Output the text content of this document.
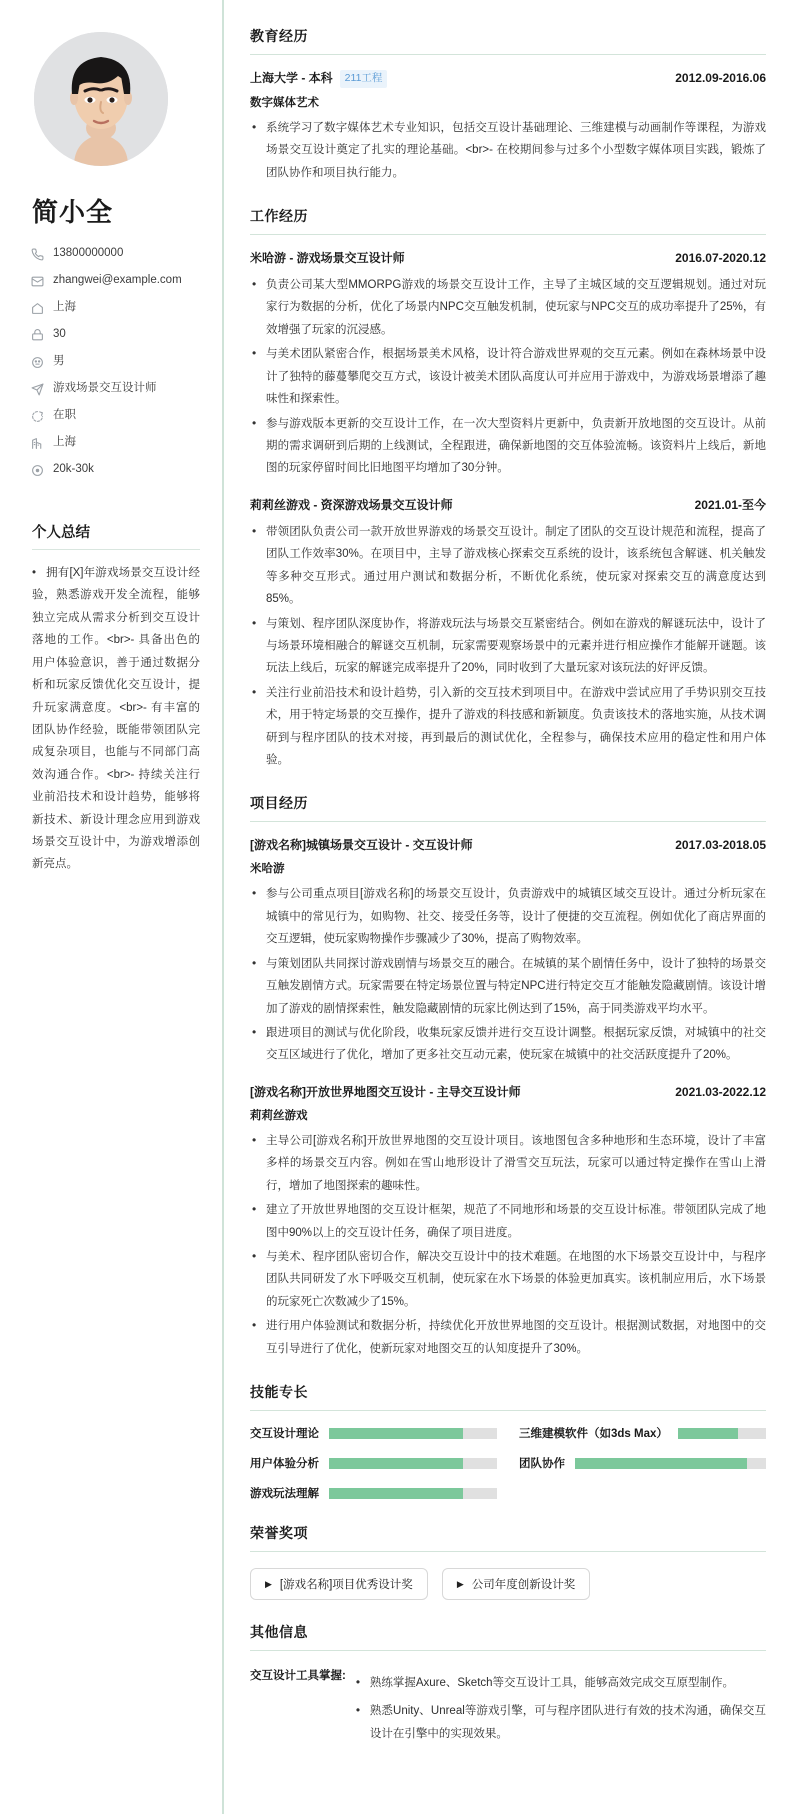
简小全
13800000000
zhangwei@example.com
上海
30
男
游戏场景交互设计师
在职
上海
20k-30k
个人总结
• 拥有[X]年游戏场景交互设计经验，熟悉游戏开发全流程，能够独立完成从需求分析到交互设计落地的工作。<br>- 具备出色的用户体验意识，善于通过数据分析和玩家反馈优化交互设计，提升玩家满意度。<br>- 有丰富的团队协作经验，既能带领团队完成复杂项目，也能与不同部门高效沟通合作。<br>- 持续关注行业前沿技术和设计趋势，能够将新技术、新设计理念应用到游戏场景交互设计中，为游戏增添创新亮点。
教育经历
上海大学 - 本科 211工程	2012.09-2016.06
数字媒体艺术
• 系统学习了数字媒体艺术专业知识，包括交互设计基础理论、三维建模与动画制作等课程，为游戏场景交互设计奠定了扎实的理论基础。<br>- 在校期间参与过多个小型数字媒体项目实践，锻炼了团队协作和项目执行能力。
工作经历
米哈游 - 游戏场景交互设计师	2016.07-2020.12
• 负责公司某大型MMORPG游戏的场景交互设计工作，主导了主城区域的交互逻辑规划。通过对玩家行为数据的分析，优化了场景内NPC交互触发机制，使玩家与NPC交互的成功率提升了25%，有效增强了玩家的沉浸感。
• 与美术团队紧密合作，根据场景美术风格，设计符合游戏世界观的交互元素。例如在森林场景中设计了独特的藤蔓攀爬交互方式，该设计被美术团队高度认可并应用于游戏中，为游戏场景增添了趣味性和探索性。
• 参与游戏版本更新的交互设计工作，在一次大型资料片更新中，负责新开放地图的交互设计。从前期的需求调研到后期的上线测试，全程跟进，确保新地图的交互体验流畅。该资料片上线后，新地图的玩家停留时间比旧地图平均增加了30分钟。
莉莉丝游戏 - 资深游戏场景交互设计师	2021.01-至今
• 带领团队负责公司一款开放世界游戏的场景交互设计。制定了团队的交互设计规范和流程，提高了团队工作效率30%。在项目中，主导了游戏核心探索交互系统的设计，该系统包含解谜、机关触发等多种交互形式。通过用户测试和数据分析，不断优化系统，使玩家对探索交互的满意度达到85%。
• 与策划、程序团队深度协作，将游戏玩法与场景交互紧密结合。例如在游戏的解谜玩法中，设计了与场景环境相融合的解谜交互机制，玩家需要观察场景中的元素并进行相应操作才能解开谜题。该玩法上线后，玩家的解谜完成率提升了20%，同时收到了大量玩家对该玩法的好评反馈。
• 关注行业前沿技术和设计趋势，引入新的交互技术到项目中。在游戏中尝试应用了手势识别交互技术，用于特定场景的交互操作，提升了游戏的科技感和新颖度。负责该技术的落地实施，从技术调研到与程序团队的技术对接，再到最后的测试优化，全程参与，确保技术应用的稳定性和用户体验。
项目经历
[游戏名称]城镇场景交互设计 - 交互设计师	2017.03-2018.05
米哈游
• 参与公司重点项目[游戏名称]的场景交互设计，负责游戏中的城镇区域交互设计。通过分析玩家在城镇中的常见行为，如购物、社交、接受任务等，设计了便捷的交互流程。例如优化了商店界面的交互逻辑，使玩家购物操作步骤减少了30%，提高了购物效率。
• 与策划团队共同探讨游戏剧情与场景交互的融合。在城镇的某个剧情任务中，设计了独特的场景交互触发剧情方式。玩家需要在特定场景位置与特定NPC进行特定交互才能触发隐藏剧情。该设计增加了游戏的剧情探索性，触发隐藏剧情的玩家比例达到了15%，高于同类游戏平均水平。
• 跟进项目的测试与优化阶段，收集玩家反馈并进行交互设计调整。根据玩家反馈，对城镇中的社交交互区域进行了优化，增加了更多社交互动元素，使玩家在城镇中的社交活跃度提升了20%。
[游戏名称]开放世界地图交互设计 - 主导交互设计师	2021.03-2022.12
莉莉丝游戏
• 主导公司[游戏名称]开放世界地图的交互设计项目。该地图包含多种地形和生态环境，设计了丰富多样的场景交互内容。例如在雪山地形设计了滑雪交互玩法，玩家可以通过特定操作在雪山上滑行，增加了地图探索的趣味性。
• 建立了开放世界地图的交互设计框架，规范了不同地形和场景的交互设计标准。带领团队完成了地图中90%以上的交互设计任务，确保了项目进度。
• 与美术、程序团队密切合作，解决交互设计中的技术难题。在地图的水下场景交互设计中，与程序团队共同研发了水下呼吸交互机制，使玩家在水下场景的体验更加真实。该机制应用后，水下场景的玩家死亡次数减少了15%。
• 进行用户体验测试和数据分析，持续优化开放世界地图的交互设计。根据测试数据，对地图中的交互引导进行了优化，使新玩家对地图交互的认知度提升了30%。
技能专长
交互设计理论	三维建模软件（如3ds Max）
用户体验分析	团队协作
游戏玩法理解
荣誉奖项
▶ [游戏名称]项目优秀设计奖	▶ 公司年度创新设计奖
其他信息
交互设计工具掌握:
• 熟练掌握Axure、Sketch等交互设计工具，能够高效完成交互原型制作。
• 熟悉Unity、Unreal等游戏引擎，可与程序团队进行有效的技术沟通，确保交互设计在引擎中的实现效果。
